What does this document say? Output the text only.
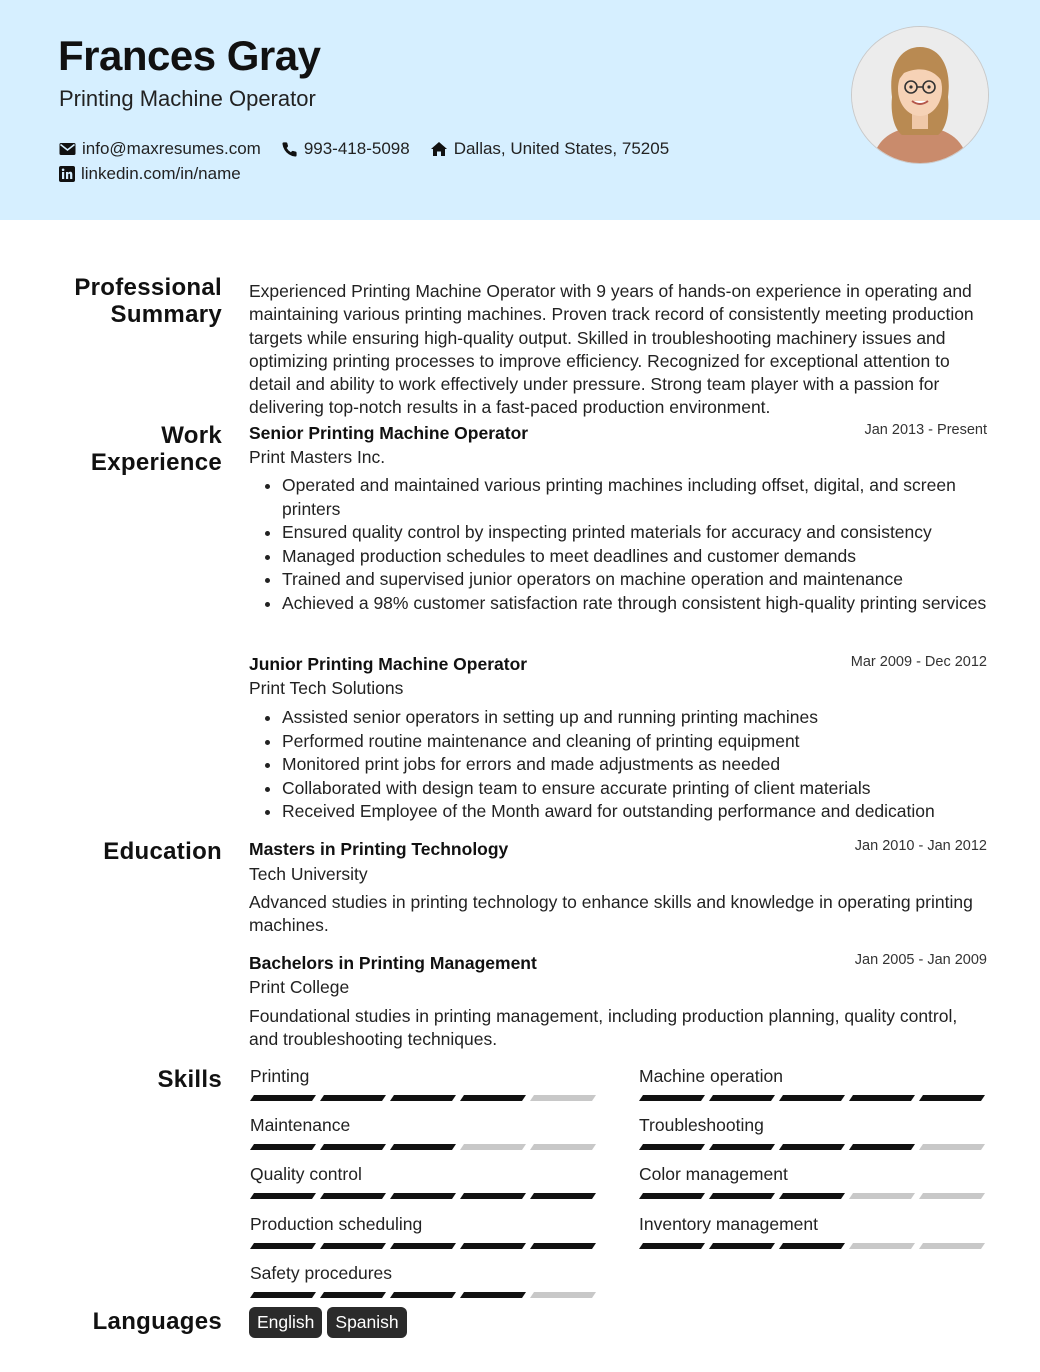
Frances Gray
Printing Machine Operator
info@maxresumes.com	993-418-5098	Dallas, United States, 75205
linkedin.com/in/name
Professional
Summary
Experienced Printing Machine Operator with 9 years of hands-on experience in operating and maintaining various printing machines. Proven track record of consistently meeting production targets while ensuring high-quality output. Skilled in troubleshooting machinery issues and optimizing printing processes to improve efficiency. Recognized for exceptional attention to detail and ability to work effectively under pressure. Strong team player with a passion for delivering top-notch results in a fast-paced production environment.
Work
Experience
Senior Printing Machine Operator	Jan 2013 - Present
Print Masters Inc.
• Operated and maintained various printing machines including offset, digital, and screen printers
• Ensured quality control by inspecting printed materials for accuracy and consistency
• Managed production schedules to meet deadlines and customer demands
• Trained and supervised junior operators on machine operation and maintenance
• Achieved a 98% customer satisfaction rate through consistent high-quality printing services
Junior Printing Machine Operator	Mar 2009 - Dec 2012
Print Tech Solutions
• Assisted senior operators in setting up and running printing machines
• Performed routine maintenance and cleaning of printing equipment
• Monitored print jobs for errors and made adjustments as needed
• Collaborated with design team to ensure accurate printing of client materials
• Received Employee of the Month award for outstanding performance and dedication
Education Masters in Printing Technology	Jan 2010 - Jan 2012
Tech University
Advanced studies in printing technology to enhance skills and knowledge in operating printing machines.
Bachelors in Printing Management	Jan 2005 - Jan 2009
Print College
Foundational studies in printing management, including production planning, quality control, and troubleshooting techniques.
Skills Printing	Machine operation
Maintenance	Troubleshooting
Quality control	Color management
Production scheduling	Inventory management
Safety procedures
Languages	English	Spanish
